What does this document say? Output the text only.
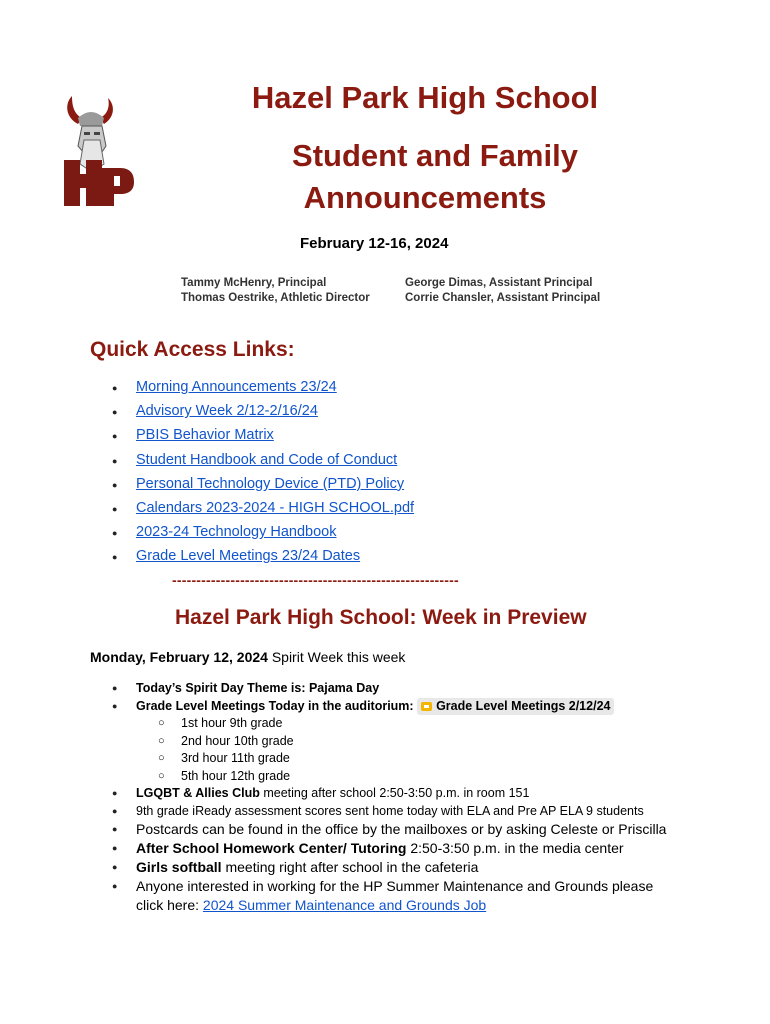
Hazel Park High School
Student and Family
Announcements
February 12-16, 2024
Tammy McHenry, Principal
Thomas Oestrike, Athletic Director
George Dimas, Assistant Principal
Corrie Chansler, Assistant Principal
Quick Access Links:
● Morning Announcements 23/24
● Advisory Week 2/12-2/16/24
● PBIS Behavior Matrix
● Student Handbook and Code of Conduct
● Personal Technology Device (PTD) Policy
● Calendars 2023-2024 - HIGH SCHOOL.pdf
● 2023-24 Technology Handbook
● Grade Level Meetings 23/24 Dates
-----------------------------------------------------------
Hazel Park High School: Week in Preview
Monday, February 12, 2024 Spirit Week this week
● Today’s Spirit Day Theme is: Pajama Day
● Grade Level Meetings Today in the auditorium: Grade Level Meetings 2/12/24
○ 1st hour 9th grade
○ 2nd hour 10th grade
○ 3rd hour 11th grade
○ 5th hour 12th grade
● LGQBT & Allies Club meeting after school 2:50-3:50 p.m. in room 151
● 9th grade iReady assessment scores sent home today with ELA and Pre AP ELA 9 students
● Postcards can be found in the office by the mailboxes or by asking Celeste or Priscilla
● After School Homework Center/ Tutoring 2:50-3:50 p.m. in the media center
● Girls softball meeting right after school in the cafeteria
● Anyone interested in working for the HP Summer Maintenance and Grounds please click here: 2024 Summer Maintenance and Grounds Job
